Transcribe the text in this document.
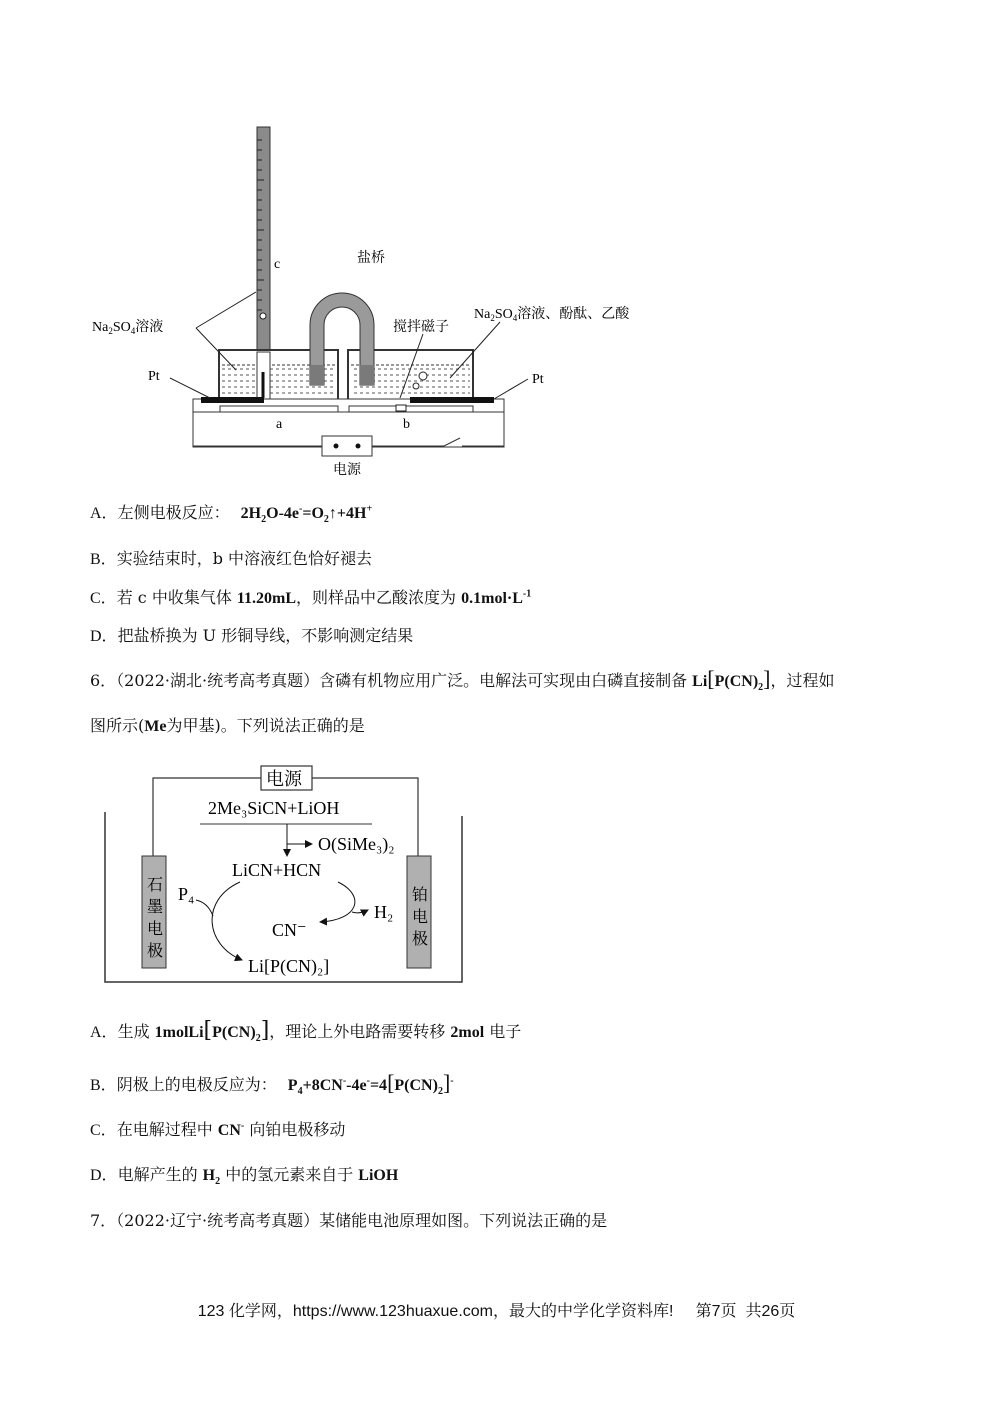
c	盐桥
$Na_2SO_4$溶液	搅拌磁子
$Na_2SO_4$溶液、酚酞、乙酸
Pt	Pt
a	b
电源
A．左侧电极反应： $2H_2O-4e^-=O_2↑+4H^+$
B．实验结束时，b 中溶液红色恰好褪去
C．若 c 中收集气体 11.20mL，则样品中乙酸浓度为 $0.1mol\cdot L^{-1}$
D．把盐桥换为 U 形铜导线，不影响测定结果
6．（2022·湖北·统考高考真题）含磷有机物应用广泛。电解法可实现由白磷直接制备 $Li[P(CN)_2]$，过程如
图所示(Me为甲基)。下列说法正确的是
电源
石
墨
电
极
铂
电
极
2Me₃SiCN+LiOH
O(SiMe₃)₂
LiCN+HCN
P₄
H₂
CN⁻
Li[P(CN)₂]
A．生成 $1molLi[P(CN)_2]$，理论上外电路需要转移 2mol 电子
B．阴极上的电极反应为： $P_4+8CN^--4e^-=4[P(CN)_2]^-$
C．在电解过程中 CN- 向铂电极移动
D．电解产生的 $H_2$ 中的氢元素来自于 LiOH
7．（2022·辽宁·统考高考真题）某储能电池原理如图。下列说法正确的是
123 化学网，https://www.123huaxue.com，最大的中学化学资料库!     第7页  共26页
